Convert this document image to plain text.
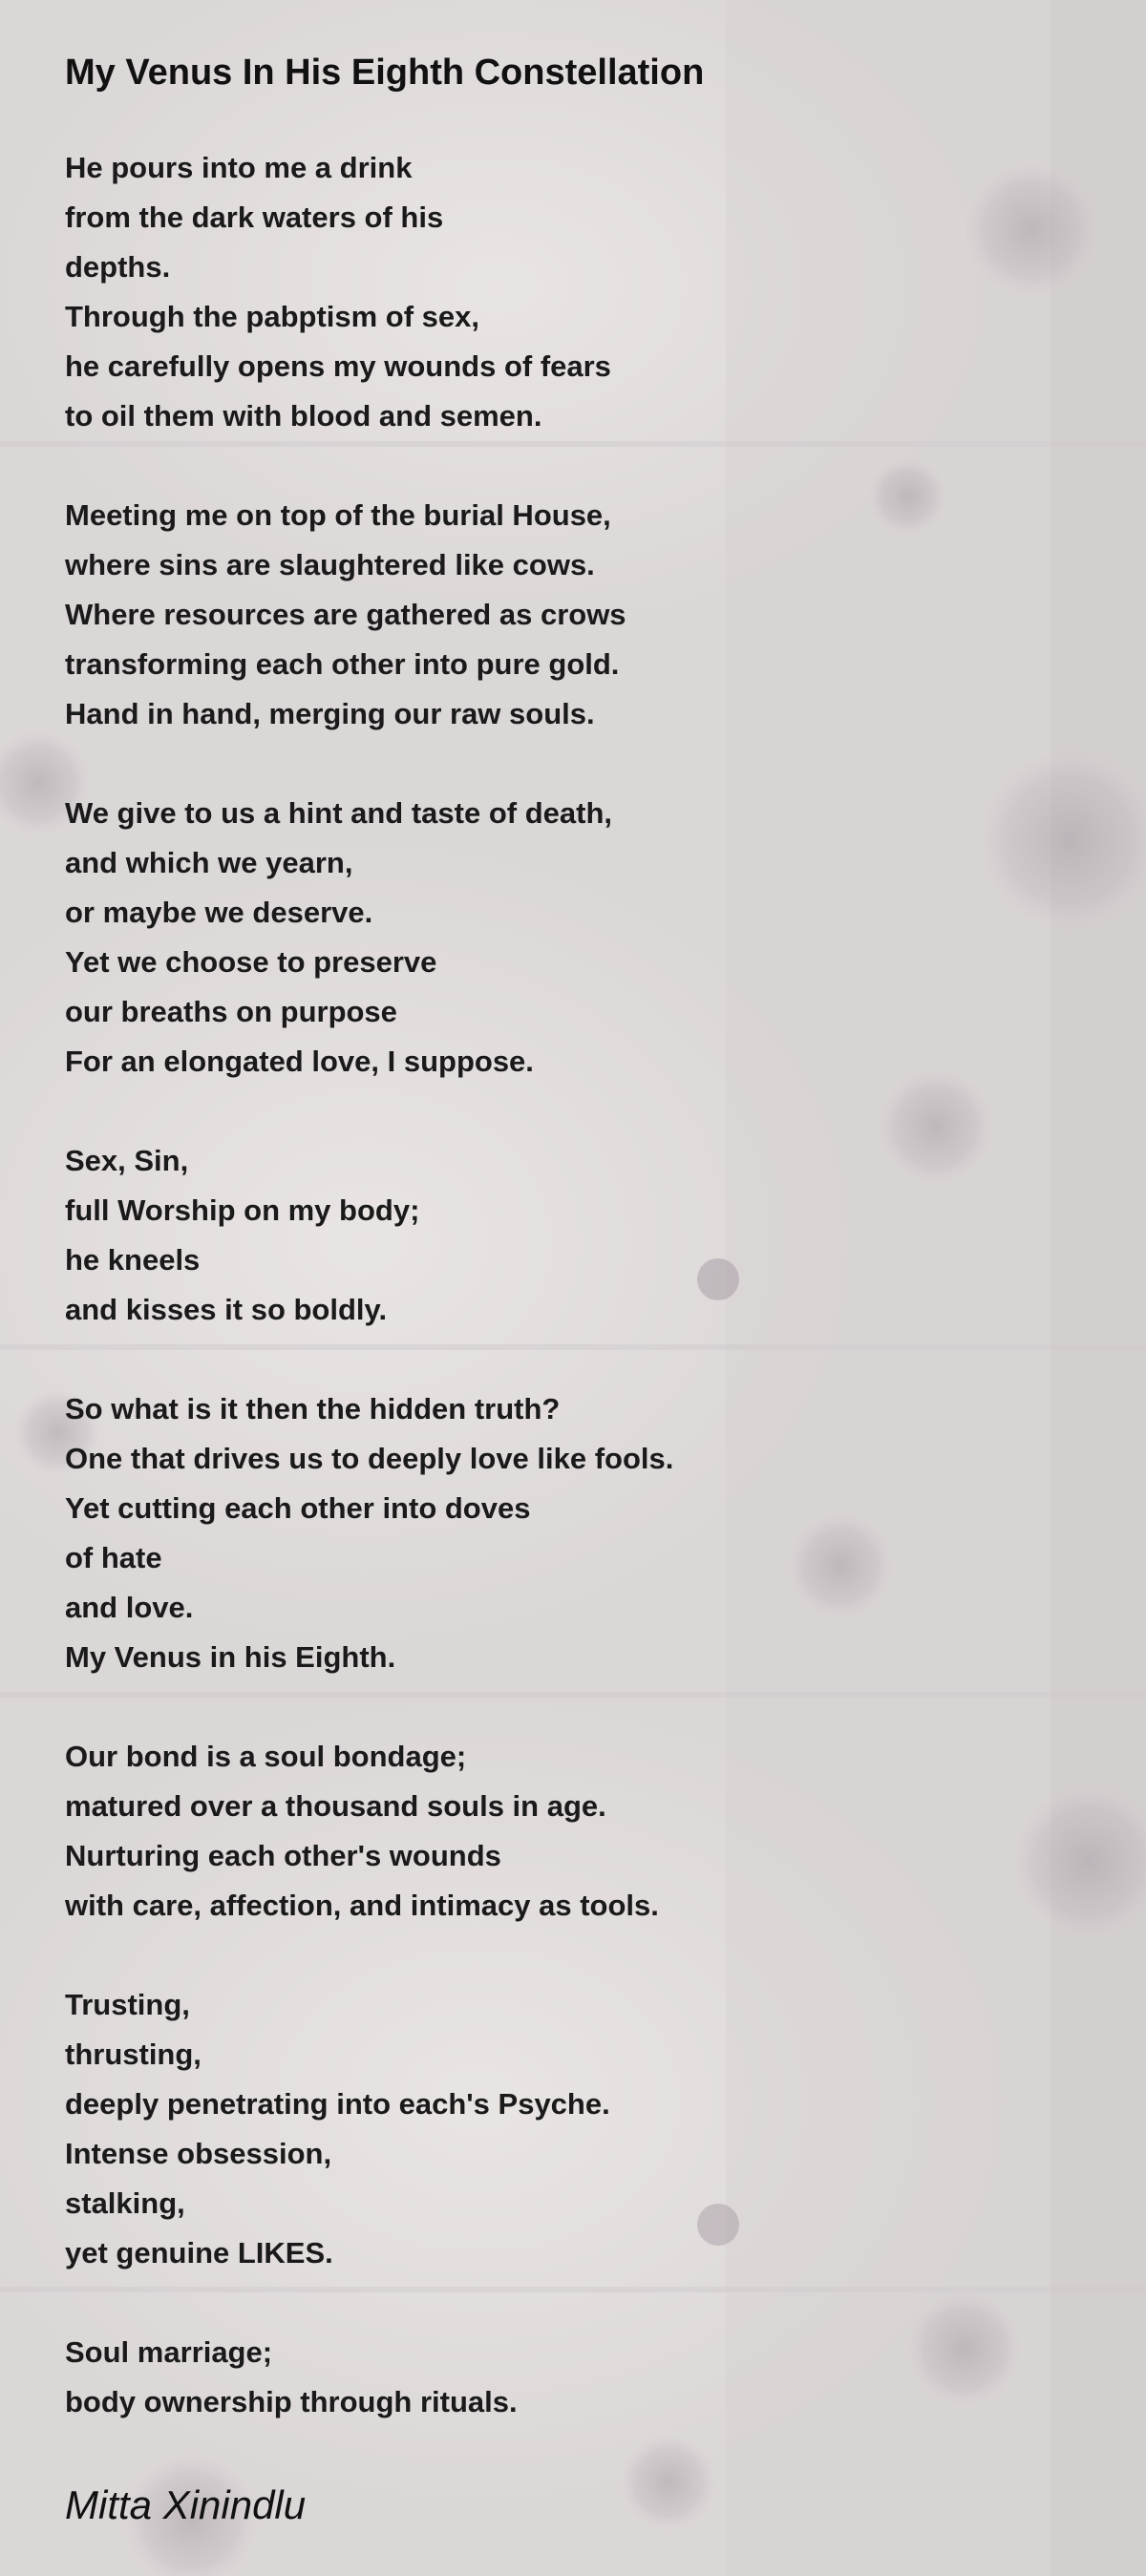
My Venus In His Eighth Constellation
He pours into me a drink
from the dark waters of his
depths.
Through the pabptism of sex,
he carefully opens my wounds of fears
to oil them with blood and semen.
Meeting me on top of the burial House,
where sins are slaughtered like cows.
Where resources are gathered as crows
transforming each other into pure gold.
Hand in hand, merging our raw souls.
We give to us a hint and taste of death,
and which we yearn,
or maybe we deserve.
Yet we choose to preserve
our breaths on purpose
For an elongated love, I suppose.
Sex, Sin,
full Worship on my body;
he kneels
and kisses it so boldly.
So what is it then the hidden truth?
One that drives us to deeply love like fools.
Yet cutting each other into doves
of hate
and love.
My Venus in his Eighth.
Our bond is a soul bondage;
matured over a thousand souls in age.
Nurturing each other's wounds
with care, affection, and intimacy as tools.
Trusting,
thrusting,
deeply penetrating into each's Psyche.
Intense obsession,
stalking,
yet genuine LIKES.
Soul marriage;
body ownership through rituals.
Mitta Xinindlu
